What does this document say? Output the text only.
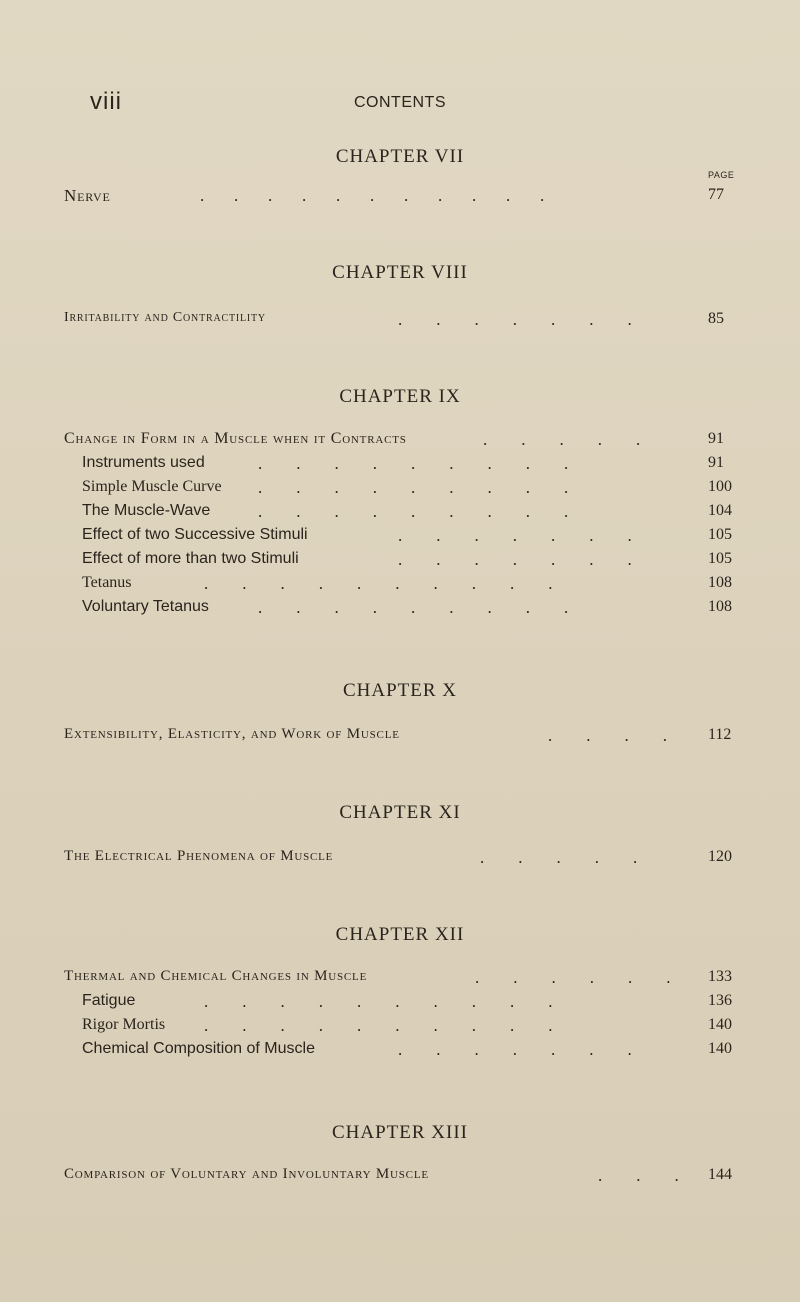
viii	CONTENTS
CHAPTER VII
PAGE
Nerve	.       .       .       .       .       .       .       .       .       .       .	77
CHAPTER VIII
Irritability and Contractility	.        .        .        .        .        .        .	85
CHAPTER IX
Change in Form in a Muscle when it Contracts	.        .        .        .        .	91
Instruments used	.        .        .        .        .        .        .        .        .	91
Simple Muscle Curve .        .        .        .        .        .        .        .        .	100
The Muscle-Wave	.        .        .        .        .        .        .        .        .	104
Effect of two Successive Stimuli	.        .        .        .        .        .        .	105
Effect of more than two Stimuli	.        .        .        .        .        .        .	105
Tetanus	.        .        .        .        .        .        .        .        .        .	108
Voluntary Tetanus	.        .        .        .        .        .        .        .        .	108
CHAPTER X
Extensibility, Elasticity, and Work of Muscle	.        .        .        .	112
CHAPTER XI
The Electrical Phenomena of Muscle	.        .        .        .        .	120
CHAPTER XII
Thermal and Chemical Changes in Muscle	.        .        .        .        .        . 133
Fatigue	.        .        .        .        .        .        .        .        .        .	136
Rigor Mortis .        .        .        .        .        .        .        .        .        .	140
Chemical Composition of Muscle	.        .        .        .        .        .        .	140
CHAPTER XIII
Comparison of Voluntary and Involuntary Muscle	.        .        . 144
